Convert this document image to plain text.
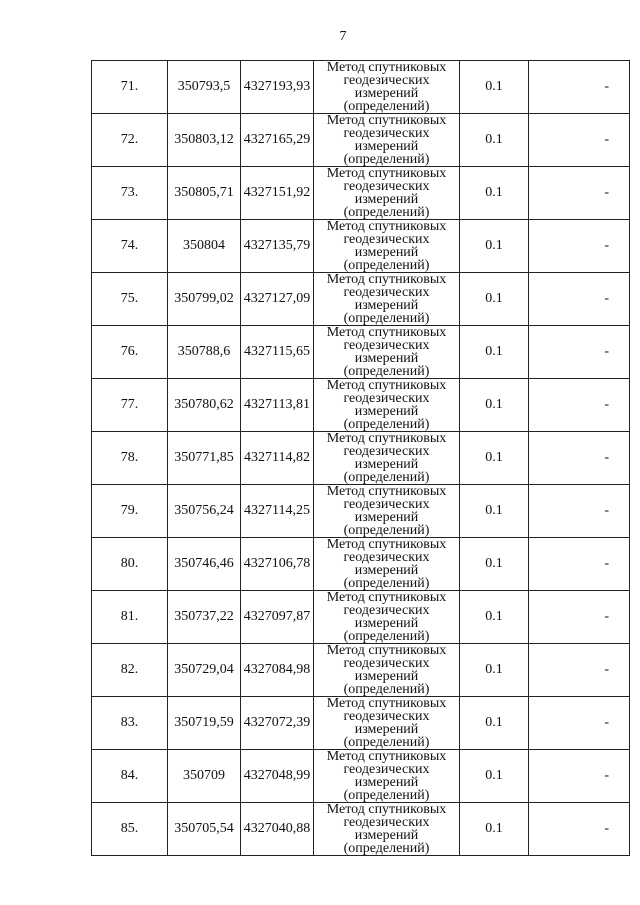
7
71.	350793,5	4327193,93	Метод спутниковых
геодезических измерений
(определений)	0.1	-
72.	350803,12	4327165,29	Метод спутниковых
геодезических измерений
(определений)	0.1	-
73.	350805,71	4327151,92	Метод спутниковых
геодезических измерений
(определений)	0.1	-
74.	350804	4327135,79	Метод спутниковых
геодезических измерений
(определений)	0.1	-
75.	350799,02	4327127,09	Метод спутниковых
геодезических измерений
(определений)	0.1	-
76.	350788,6	4327115,65	Метод спутниковых
геодезических измерений
(определений)	0.1	-
77.	350780,62	4327113,81	Метод спутниковых
геодезических измерений
(определений)	0.1	-
78.	350771,85	4327114,82	Метод спутниковых
геодезических измерений
(определений)	0.1	-
79.	350756,24	4327114,25	Метод спутниковых
геодезических измерений
(определений)	0.1	-
80.	350746,46	4327106,78	Метод спутниковых
геодезических измерений
(определений)	0.1	-
81.	350737,22	4327097,87	Метод спутниковых
геодезических измерений
(определений)	0.1	-
82.	350729,04	4327084,98	Метод спутниковых
геодезических измерений
(определений)	0.1	-
83.	350719,59	4327072,39	Метод спутниковых
геодезических измерений
(определений)	0.1	-
84.	350709	4327048,99	Метод спутниковых
геодезических измерений
(определений)	0.1	-
85.	350705,54	4327040,88	Метод спутниковых
геодезических измерений
(определений)	0.1	-
